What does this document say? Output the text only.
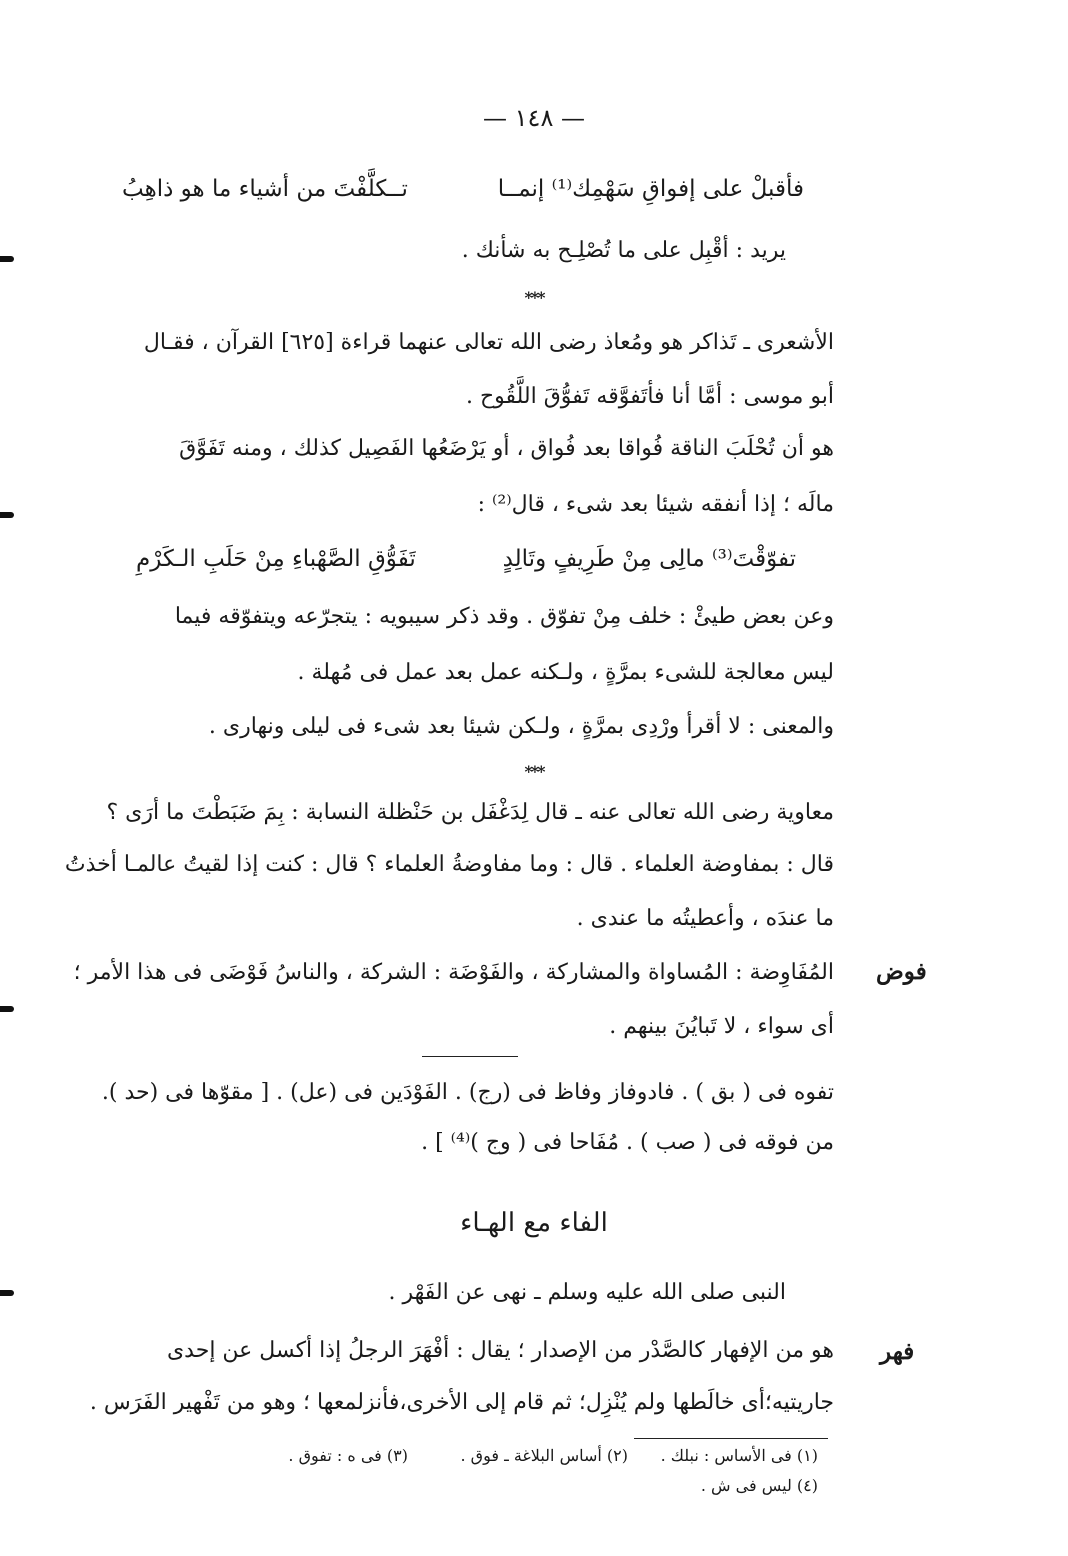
— ١٤٨ —
فأقبلْ على إفواقِ سَهْمِك⁽¹⁾ إنمــا
تــكلَّفْتَ من أشياء ما هو ذاهِبُ
يريد : أقْبِل على ما تُصْلِـح به شأنك .
***
الأشعرى ـ تَذاكر هو ومُعاذ رضى الله تعالى عنهما قراءة [٦٢٥] القرآن ، فقـال
أبو موسى : أمَّا أنا فأتَفوَّقه تَفوُّقَ اللَّقُوح .
هو أن تُحْلَبَ الناقة فُواقا بعد فُواق ، أو يَرْضَعُها الفَصِيل كذلك ، ومنه تَفَوَّقَ
مالَه ؛ إذا أنفقه شيئا بعد شىء ، قال⁽²⁾ :
تفوّقْتَ⁽³⁾ مالِى مِنْ طَرِيفٍ وتَالِدٍ
تَفَوُّقِ الصَّهْباءِ مِنْ حَلَبِ الـكَرْمِ
وعن بعض طيئْ : خلف مِنْ تفوّق . وقد ذكر سيبويه : يتجرّعه ويتفوّقه فيما
ليس معالجة للشىء بمرَّةٍ ، ولـكنه عمل بعد عمل فى مُهلة .
والمعنى : لا أقرأ ورْدِى بمرَّةٍ ، ولـكن شيئا بعد شىء فى ليلى ونهارى .
***
معاوية رضى الله تعالى عنه ـ قال لِدَغْفَل بن حَنْظلة النسابة : بِمَ ضَبَطْتَ ما أرَى ؟
قال : بمفاوضة العلماء . قال : وما مفاوضةُ العلماء ؟ قال : كنت إذا لقيتُ عالمـا أخذتُ
ما عندَه ، وأعطيتُه ما عندى .
المُفَاوِضة : المُساواة والمشاركة ، والفَوْضَة : الشركة ، والناسُ فَوْضَى فى هذا الأمر ؛
أى سواء ، لا تَبايُنَ بينهم .
فوض
تفوه فى ( بق ) . فادوفاز وفاظ فى (رج) . الفَوْدَين فى (عل) . [ مقوّها فى (حد ).
من فوقه فى ( صب ) . مُفَاحا فى ( وج )⁽⁴⁾ ] .
الفاء مع الهـاء
النبى صلى الله عليه وسلم ـ نهى عن الفَهْر .
هو من الإفهار كالصَّدْر من الإصدار ؛ يقال : أفْهَرَ الرجلُ إذا أكسل عن إحدى
جاريتيه؛أى خالَطها ولم يُنْزِل؛ ثم قام إلى الأخرى،فأنزلمعها ؛ وهو من تَفْهير الفَرَس .
فهر
(١) فى الأساس : نبلك .
(٢) أساس البلاغة ـ فوق .
(٣) فى ه : تفوق .
(٤) ليس فى ش .
